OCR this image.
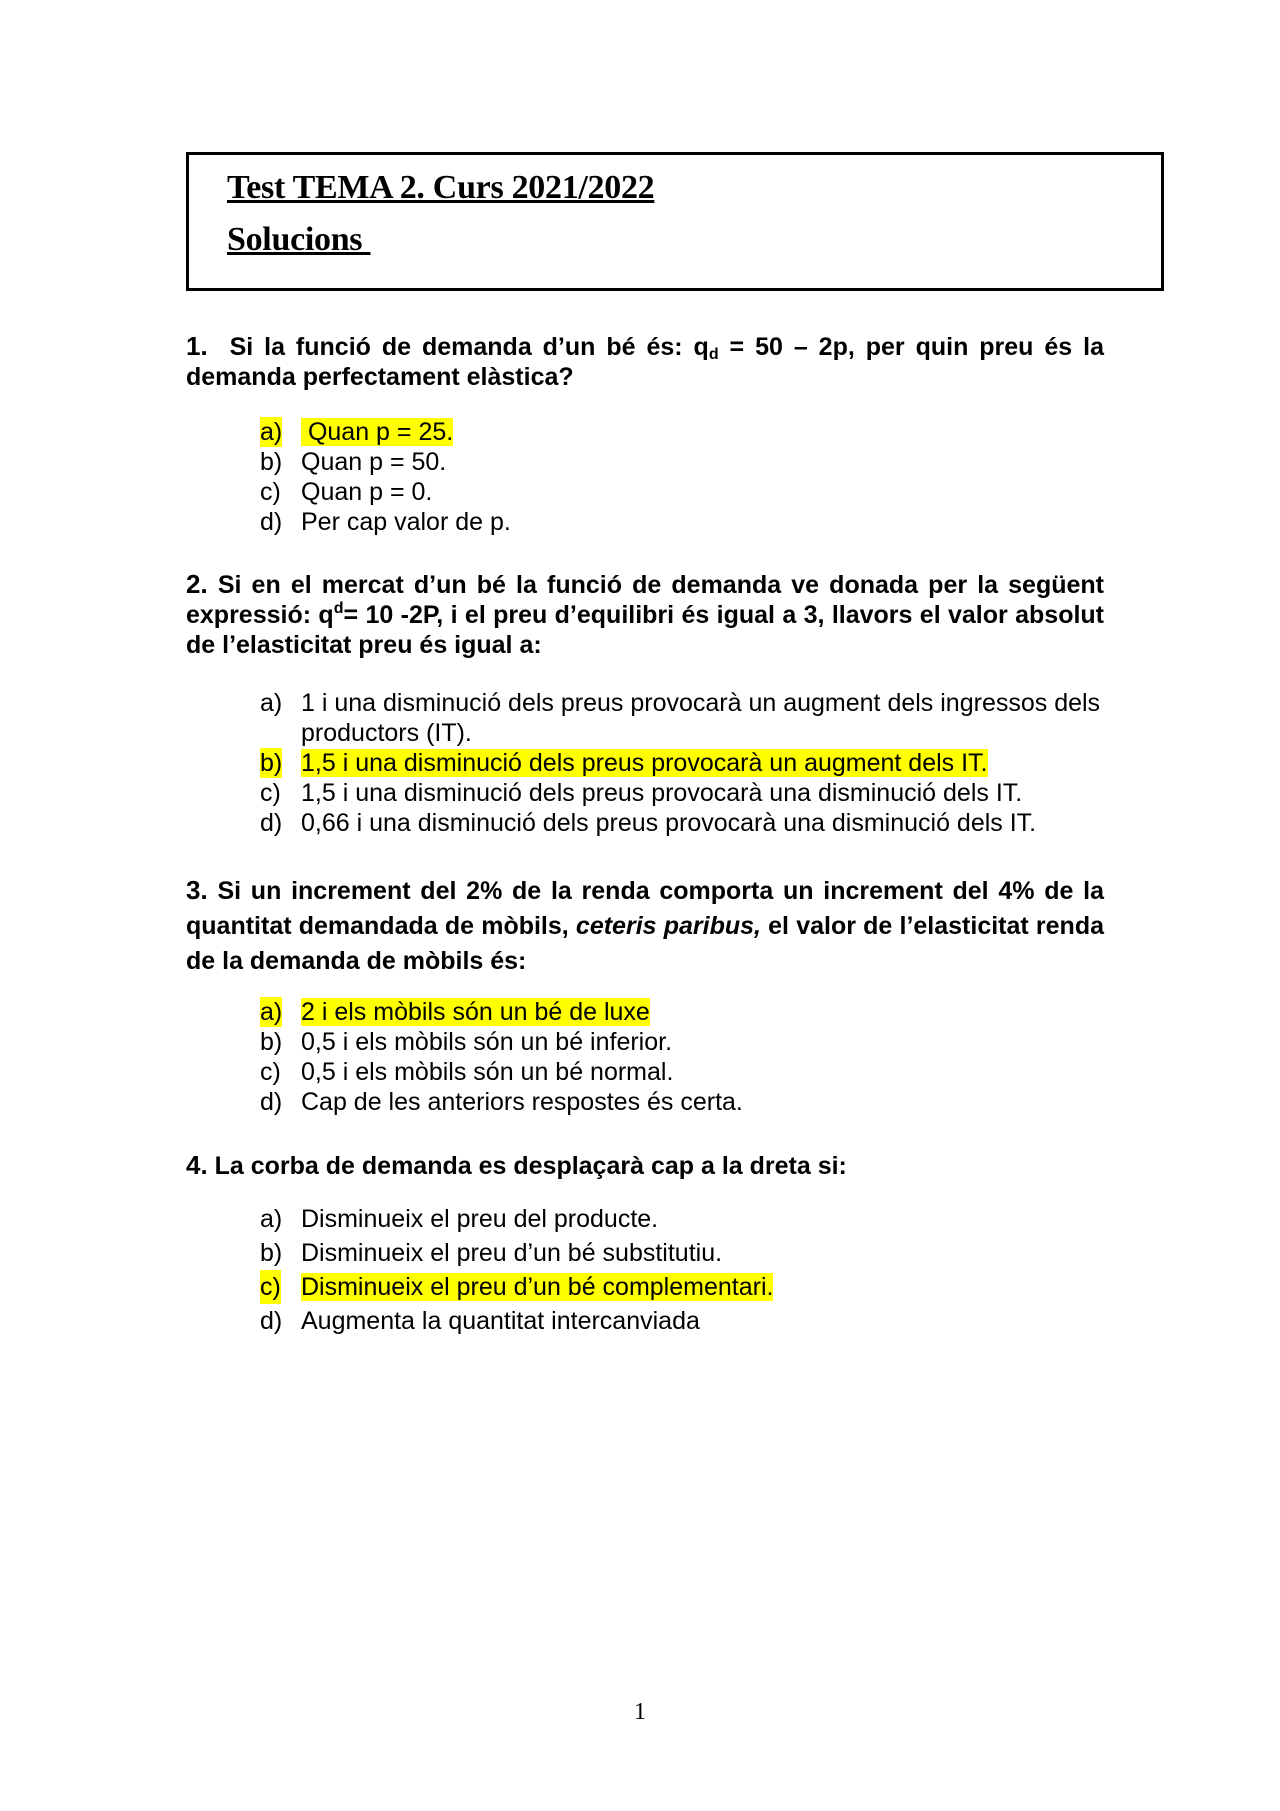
Test TEMA 2. Curs 2021/2022
Solucions
1. Si la funció de demanda d’un bé és: $q_d = 50 - 2p$, per quin preu és la demanda perfectament elàstica?
a) Quan p = 25.
b) Quan p = 50.
c) Quan p = 0.
d) Per cap valor de p.
2. Si en el mercat d’un bé la funció de demanda ve donada per la següent expressió: $q^d= 10$ -2P, i el preu d’equilibri és igual a 3, llavors el valor absolut de l’elasticitat preu és igual a:
a) 1 i una disminució dels preus provocarà un augment dels ingressos dels productors (IT).
b) 1,5 i una disminució dels preus provocarà un augment dels IT.
c) 1,5 i una disminució dels preus provocarà una disminució dels IT.
d) 0,66 i una disminució dels preus provocarà una disminució dels IT.
3. Si un increment del 2% de la renda comporta un increment del 4% de la quantitat demandada de mòbils, ceteris paribus, el valor de l’elasticitat renda de la demanda de mòbils és:
a) 2 i els mòbils són un bé de luxe
b) 0,5 i els mòbils són un bé inferior.
c) 0,5 i els mòbils són un bé normal.
d) Cap de les anteriors respostes és certa.
4. La corba de demanda es desplaçarà cap a la dreta si:
a) Disminueix el preu del producte.
b) Disminueix el preu d’un bé substitutiu.
c) Disminueix el preu d’un bé complementari.
d) Augmenta la quantitat intercanviada
1
